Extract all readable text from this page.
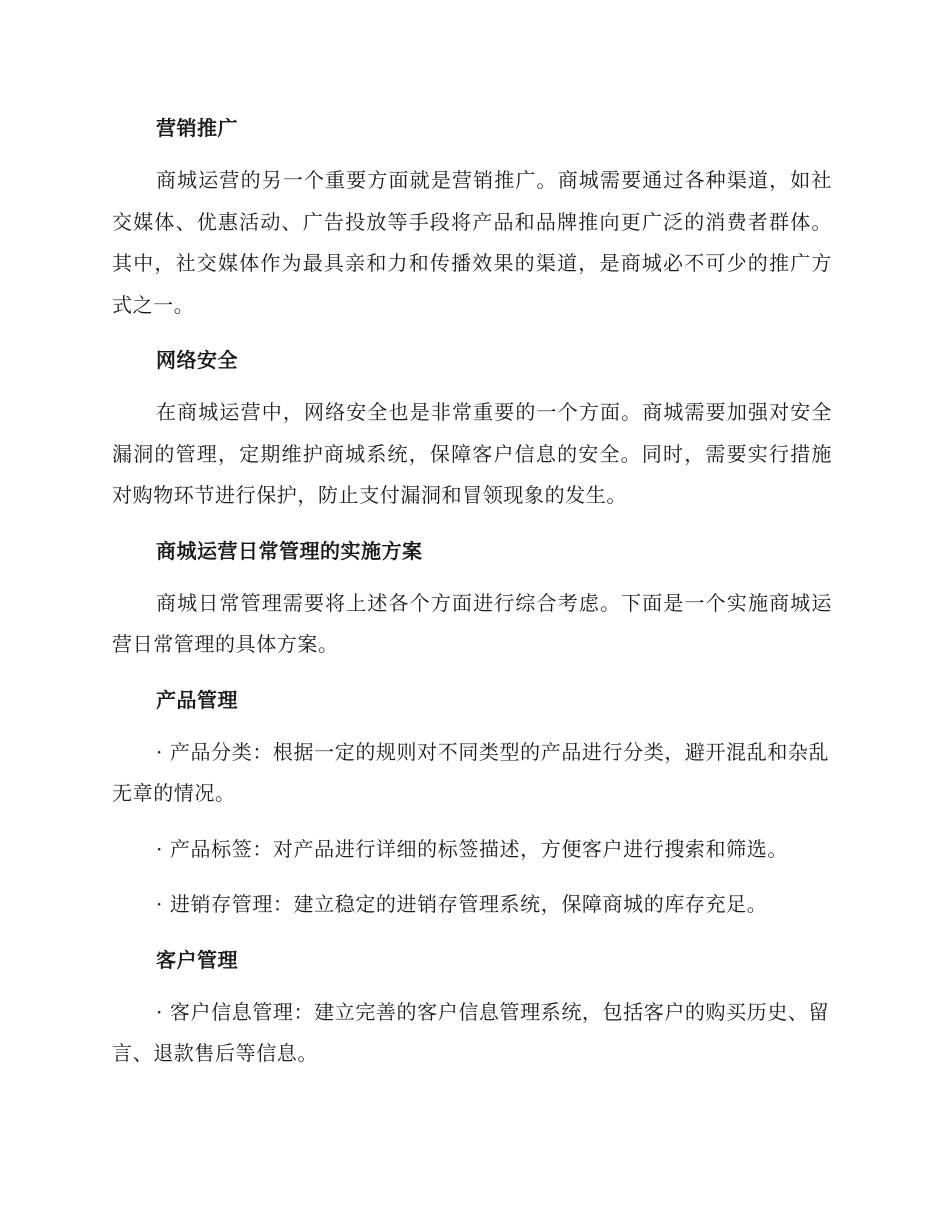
营销推广

商城运营的另一个重要方面就是营销推广。商城需要通过各种渠道，如社交媒体、优惠活动、广告投放等手段将产品和品牌推向更广泛的消费者群体。其中，社交媒体作为最具亲和力和传播效果的渠道，是商城必不可少的推广方式之一。

网络安全

在商城运营中，网络安全也是非常重要的一个方面。商城需要加强对安全漏洞的管理，定期维护商城系统，保障客户信息的安全。同时，需要实行措施对购物环节进行保护，防止支付漏洞和冒领现象的发生。

商城运营日常管理的实施方案

商城日常管理需要将上述各个方面进行综合考虑。下面是一个实施商城运营日常管理的具体方案。

产品管理

· 产品分类：根据一定的规则对不同类型的产品进行分类，避开混乱和杂乱无章的情况。

· 产品标签：对产品进行详细的标签描述，方便客户进行搜索和筛选。

· 进销存管理：建立稳定的进销存管理系统，保障商城的库存充足。

客户管理

· 客户信息管理：建立完善的客户信息管理系统，包括客户的购买历史、留言、退款售后等信息。
